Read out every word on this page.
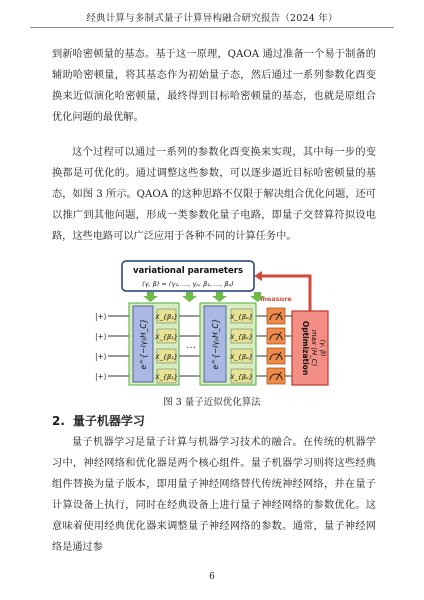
经典计算与多制式量子计算异构融合研究报告（2024 年）

到新哈密顿量的基态。基于这一原理，QAOA 通过准备一个易于制备的辅助哈密顿量，将其基态作为初始量子态，然后通过一系列参数化酉变换来近似演化哈密顿量，最终得到目标哈密顿量的基态，也就是原组合优化问题的最优解。

这个过程可以通过一系列的参数化酉变换来实现，其中每一步的变换都是可优化的。通过调整这些参数，可以逐步逼近目标哈密顿量的基态，如图 3 所示。QAOA 的这种思路不仅限于解决组合优化问题，还可以推广到其他问题，形成一类参数化量子电路，即量子交替算符拟设电路，这些电路可以广泛应用于各种不同的计算任务中。

variational parameters
(γ, β) = (γ₁, ..., γₚ, β₁, ..., βₚ)
|+⟩
|+⟩
|+⟩
|+⟩
e^{−iγ₁H_C}
X_{β₁}
X_{β₁}
X_{β₁}
X_{β₁}
… e^{−iγₚH_C}
X_{βₚ}
X_{βₚ}
X_{βₚ}
X_{βₚ}
measure
Optimization max ⟨H_C⟩ (γ, β)
图 3 量子近似优化算法
2. 量子机器学习

量子机器学习是量子计算与机器学习技术的融合。在传统的机器学习中，神经网络和优化器是两个核心组件。量子机器学习则将这些经典组件替换为量子版本，即用量子神经网络替代传统神经网络，并在量子计算设备上执行，同时在经典设备上进行量子神经网络的参数优化。这意味着使用经典优化器来调整量子神经网络的参数。通常，量子神经网络是通过参

6
